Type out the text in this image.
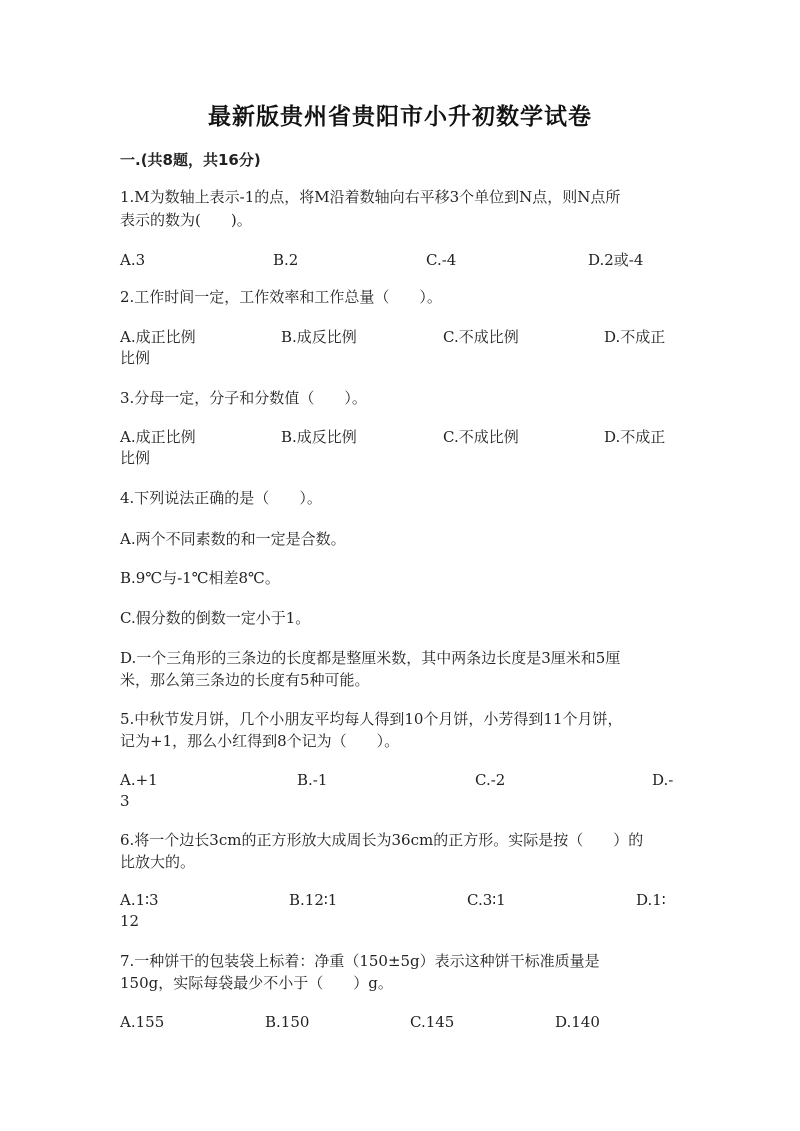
最新版贵州省贵阳市小升初数学试卷
一.(共8题，共16分)
1.M为数轴上表示-1的点，将M沿着数轴向右平移3个单位到N点，则N点所
表示的数为(　　)。
A.3	B.2	C.-4	D.2或-4
2.工作时间一定，工作效率和工作总量（　　）。
A.成正比例	B.成反比例	C.不成比例	D.不成正
比例
3.分母一定，分子和分数值（　　）。
A.成正比例	B.成反比例	C.不成比例	D.不成正
比例
4.下列说法正确的是（　　）。
A.两个不同素数的和一定是合数。
B.9℃与-1℃相差8℃。
C.假分数的倒数一定小于1。
D.一个三角形的三条边的长度都是整厘米数，其中两条边长度是3厘米和5厘
米，那么第三条边的长度有5种可能。
5.中秋节发月饼，几个小朋友平均每人得到10个月饼，小芳得到11个月饼，
记为+1，那么小红得到8个记为（　　）。
A.+1	B.-1	C.-2	D.-
3
6.将一个边长3cm的正方形放大成周长为36cm的正方形。实际是按（　　）的
比放大的。
A.1∶3	B.12∶1	C.3∶1	D.1∶
12
7.一种饼干的包装袋上标着：净重（150±5g）表示这种饼干标准质量是
150g，实际每袋最少不小于（　　）g。
A.155	B.150	C.145	D.140
